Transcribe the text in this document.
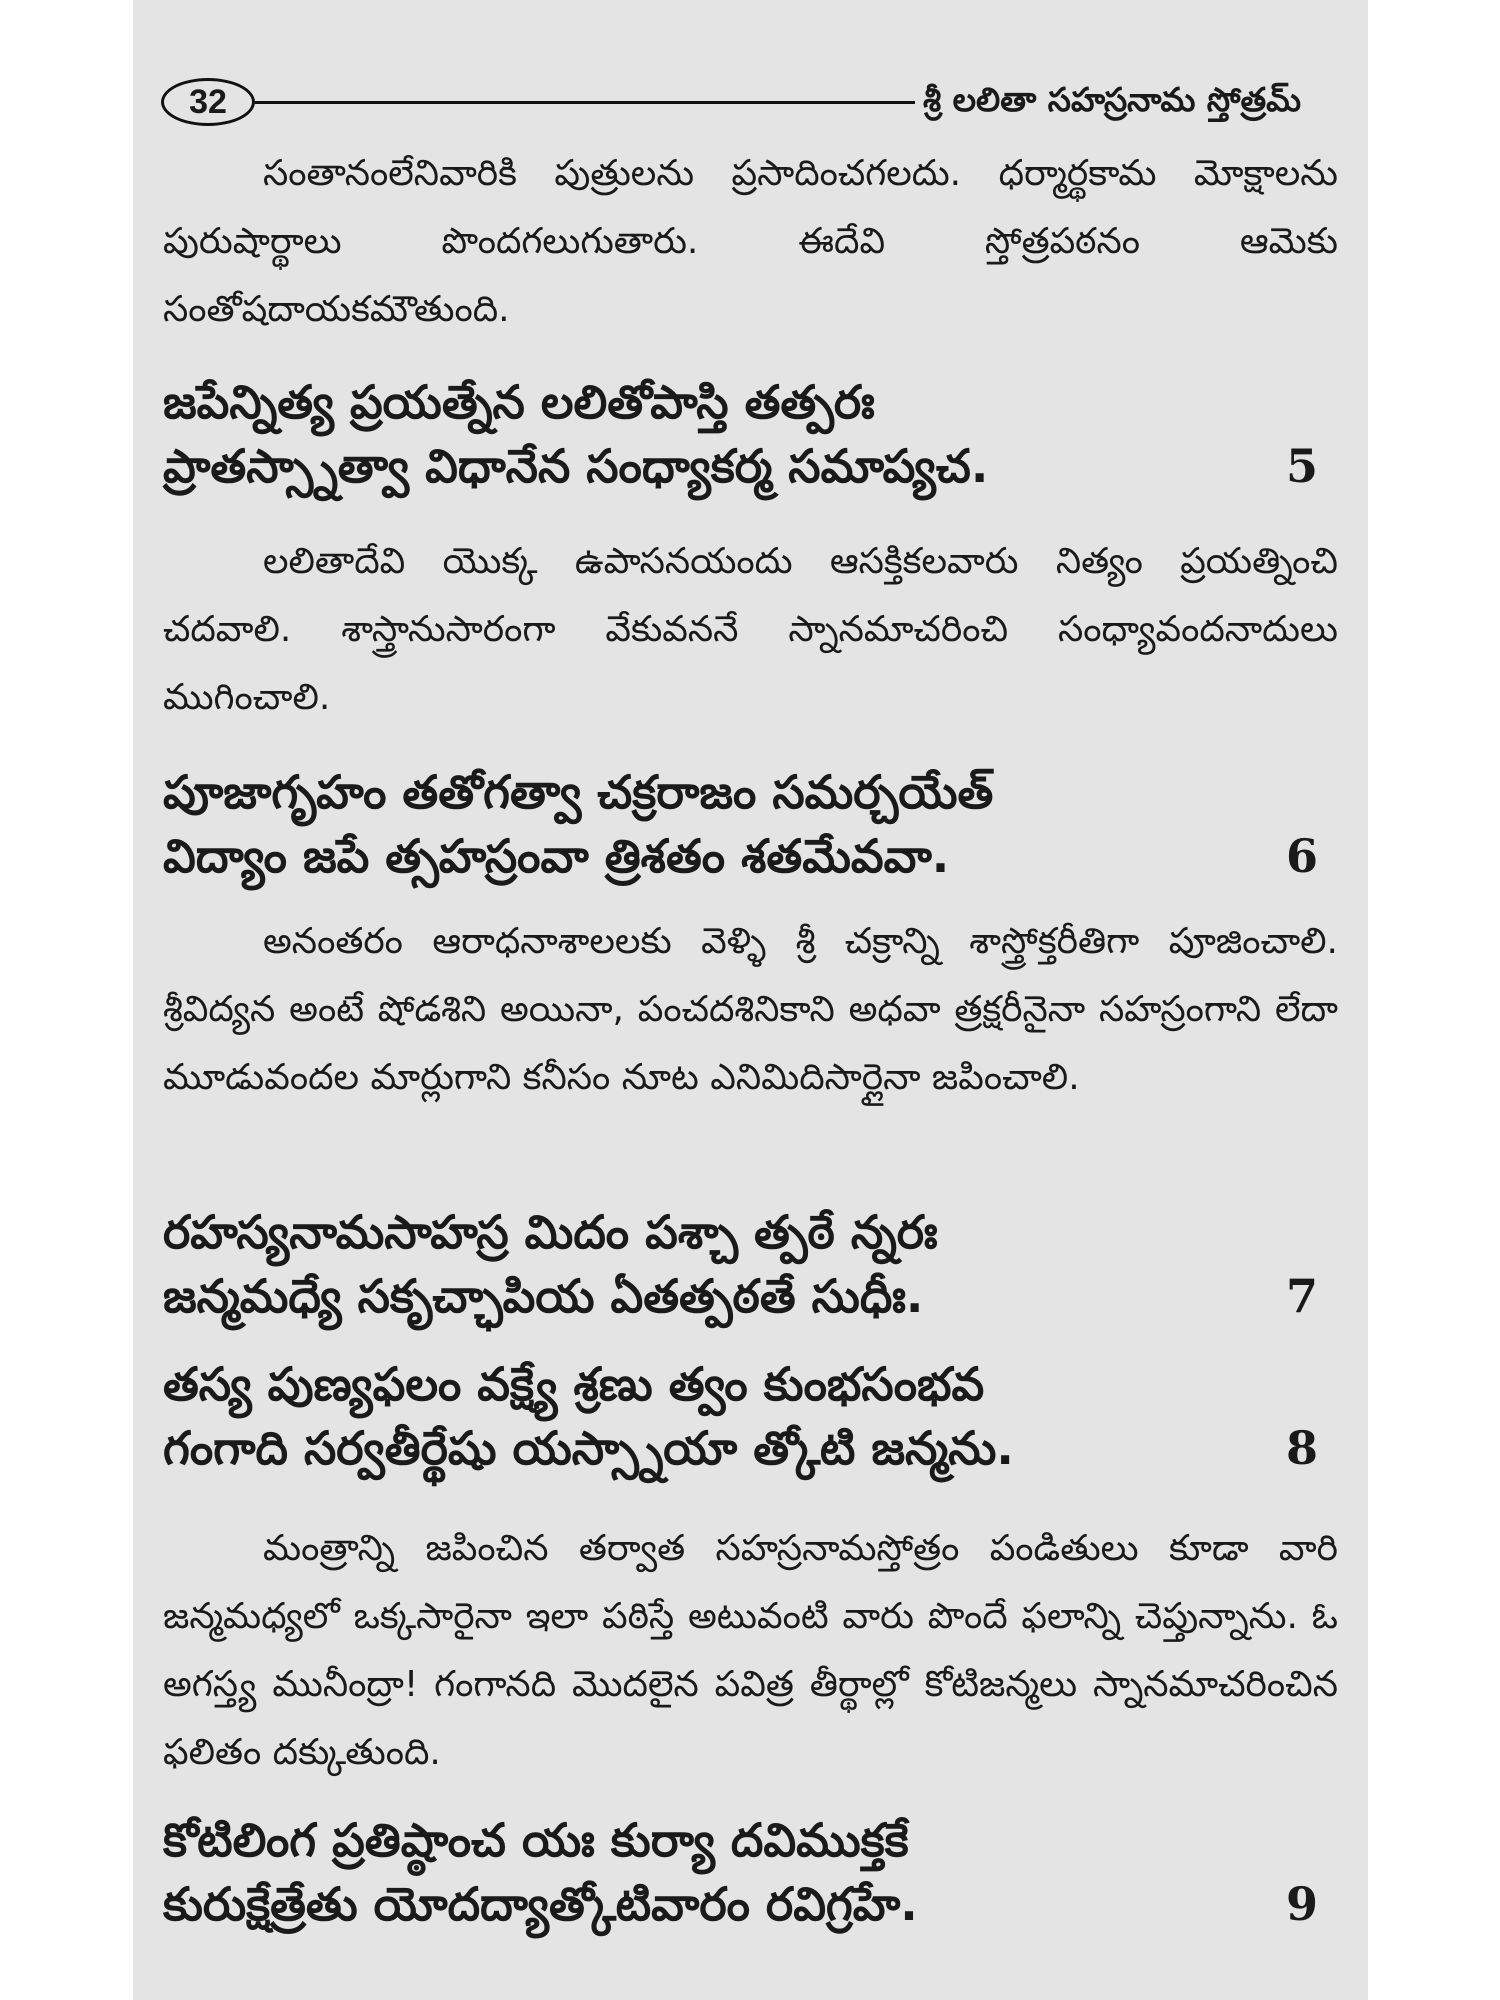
32	శ్రీ లలితా సహస్రనామ స్తోత్రమ్
సంతానంలేనివారికి పుత్రులను ప్రసాదించగలదు. ధర్మార్థకామ మోక్షాలను పురుషార్థాలు పొందగలుగుతారు. ఈదేవి స్తోత్రపఠనం ఆమెకు సంతోషదాయకమౌతుంది.
జపేన్నిత్య ప్రయత్నేన లలితోపాస్తి తత్పరః
ప్రాతస్స్నాత్వా విధానేన సంధ్యాకర్మ సమాప్యచ.	5
లలితాదేవి యొక్క ఉపాసనయందు ఆసక్తికలవారు నిత్యం ప్రయత్నించి చదవాలి. శాస్త్రానుసారంగా వేకువననే స్నానమాచరించి సంధ్యావందనాదులు ముగించాలి.
పూజాగృహం తతోగత్వా చక్రరాజం సమర్చయేత్
విద్యాం జపే త్సహస్రంవా త్రిశతం శతమేవవా.	6
అనంతరం ఆరాధనాశాలలకు వెళ్ళి శ్రీ చక్రాన్ని శాస్త్రోక్తరీతిగా పూజించాలి. శ్రీవిద్యన అంటే షోడశిని అయినా, పంచదశినికాని అధవా త్రక్షరీనైనా సహస్రంగాని లేదా మూడువందల మార్లుగాని కనీసం నూట ఎనిమిదిసార్లైనా జపించాలి.
రహస్యనామసాహస్ర మిదం పశ్చా త్పఠే న్నరః
జన్మమధ్యే సకృచ్ఛాపియ ఏతత్పఠతే సుధీః.	7
తస్య పుణ్యఫలం వక్ష్యే శ్రణు త్వం కుంభసంభవ
గంగాది సర్వతీర్థేషు యస్స్నాయా త్కోటి జన్మను.	8
మంత్రాన్ని జపించిన తర్వాత సహస్రనామస్తోత్రం పండితులు కూడా వారి జన్మమధ్యలో ఒక్కసారైనా ఇలా పఠిస్తే అటువంటి వారు పొందే ఫలాన్ని చెప్తున్నాను. ఓ అగస్త్య మునీంద్రా! గంగానది మొదలైన పవిత్ర తీర్థాల్లో కోటిజన్మలు స్నానమాచరించిన ఫలితం దక్కుతుంది.
కోటిలింగ ప్రతిష్ఠాంచ యః కుర్యా దవిముక్తకే
కురుక్షేత్రేతు యోదద్యాత్కోటివారం రవిగ్రహే.	9
